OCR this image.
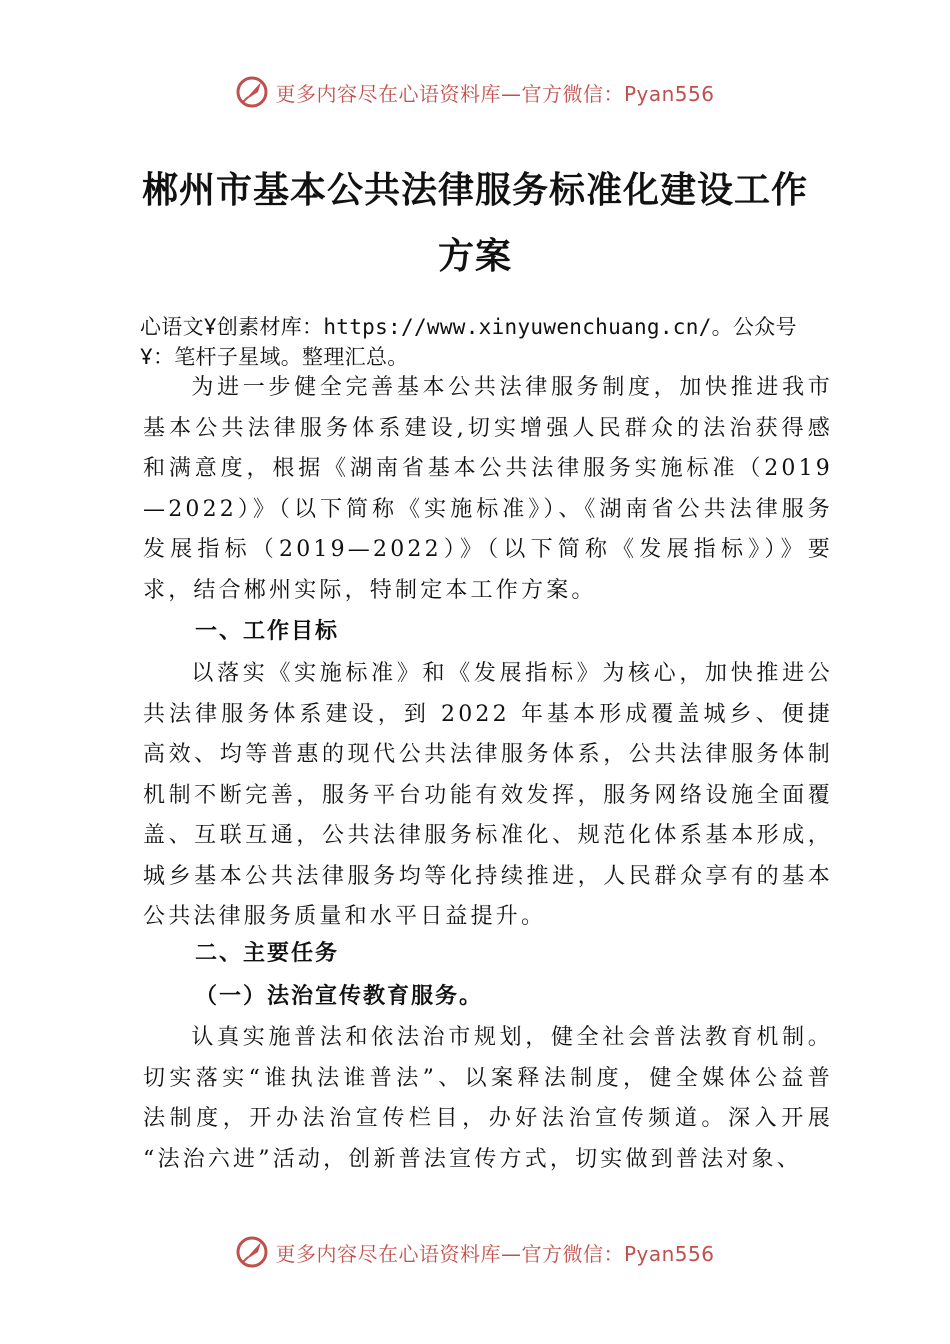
更多内容尽在心语资料库—官方微信：Pyan556
郴州市基本公共法律服务标准化建设工作
方案

心语文Ұ创素材库：https://www.xinyuwenchuang.cn/。公众号Ұ：笔杆子星域。整理汇总。

为进一步健全完善基本公共法律服务制度，加快推进我市基本公共法律服务体系建设,切实增强人民群众的法治获得感和满意度，根据《湖南省基本公共法律服务实施标准（2019—2022）》（以下简称《实施标准》）、《湖南省公共法律服务发展指标（2019—2022）》（以下简称《发展指标》）》要求，结合郴州实际，特制定本工作方案。

一、工作目标

以落实《实施标准》和《发展指标》为核心，加快推进公共法律服务体系建设，到 2022 年基本形成覆盖城乡、便捷高效、均等普惠的现代公共法律服务体系，公共法律服务体制机制不断完善，服务平台功能有效发挥，服务网络设施全面覆盖、互联互通，公共法律服务标准化、规范化体系基本形成，城乡基本公共法律服务均等化持续推进，人民群众享有的基本公共法律服务质量和水平日益提升。

二、主要任务
（一）法治宣传教育服务。

认真实施普法和依法治市规划，健全社会普法教育机制。切实落实“谁执法谁普法”、以案释法制度，健全媒体公益普 法制度，开办法治宣传栏目，办好法治宣传频道。深入开展 “法治六进”活动，创新普法宣传方式，切实做到普法对象、

更多内容尽在心语资料库—官方微信：Pyan556
